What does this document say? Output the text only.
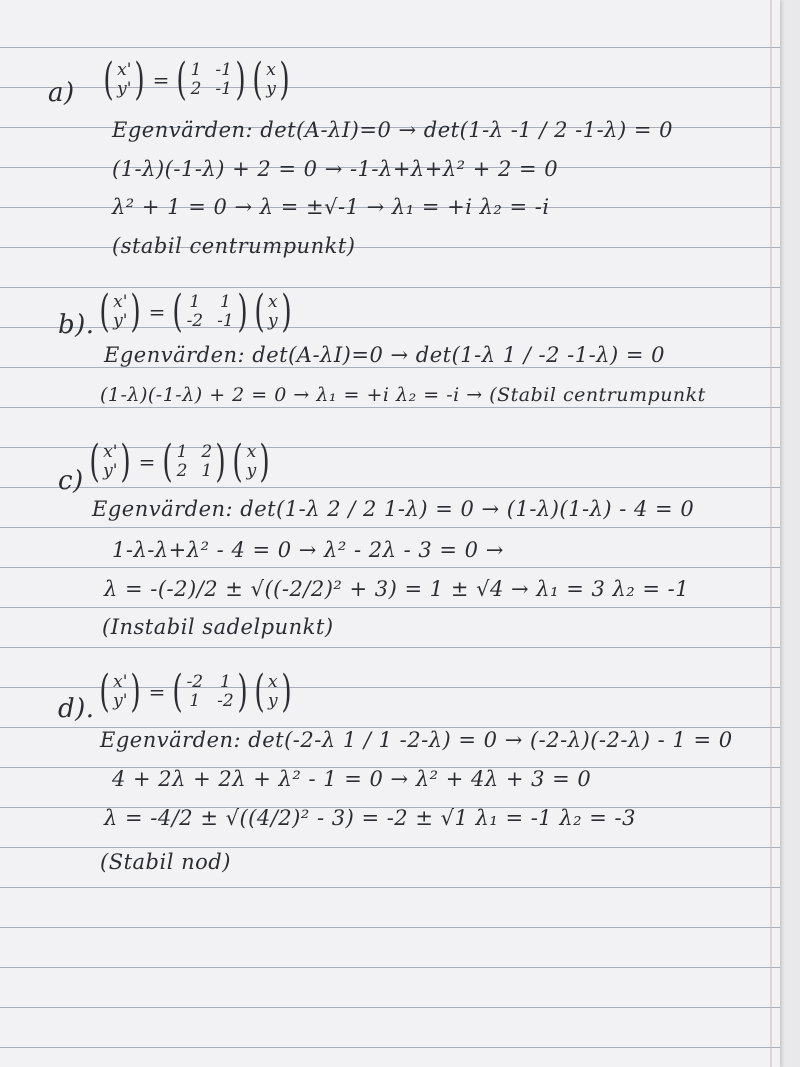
a) ( x'
y' ) = ( 1 -1
2 -1 ) ( x
y )
Egenvärden: det(A-λI)=0 → det(1-λ -1 / 2 -1-λ) = 0
(1-λ)(-1-λ) + 2 = 0 → -1-λ+λ+λ² + 2 = 0
λ² + 1 = 0 → λ = ±√-1 → λ₁ = +i λ₂ = -i
(stabil centrumpunkt)
b). ( x'
y' ) = ( 1 1
-2 -1 ) ( x
y )
Egenvärden: det(A-λI)=0 → det(1-λ 1 / -2 -1-λ) = 0
(1-λ)(-1-λ) + 2 = 0 → λ₁ = +i λ₂ = -i → (Stabil centrumpunkt
c) ( x'
y' ) = ( 1 2
2 1 ) ( x
y )
Egenvärden: det(1-λ 2 / 2 1-λ) = 0 → (1-λ)(1-λ) - 4 = 0
1-λ-λ+λ² - 4 = 0 → λ² - 2λ - 3 = 0 →
λ = -(-2)/2 ± √((-2/2)² + 3) = 1 ± √4 → λ₁ = 3 λ₂ = -1
(Instabil sadelpunkt)
d). ( x'
y' ) = ( -2 1
1 -2 ) ( x
y )
Egenvärden: det(-2-λ 1 / 1 -2-λ) = 0 → (-2-λ)(-2-λ) - 1 = 0
4 + 2λ + 2λ + λ² - 1 = 0 → λ² + 4λ + 3 = 0
λ = -4/2 ± √((4/2)² - 3) = -2 ± √1 λ₁ = -1 λ₂ = -3
(Stabil nod)
